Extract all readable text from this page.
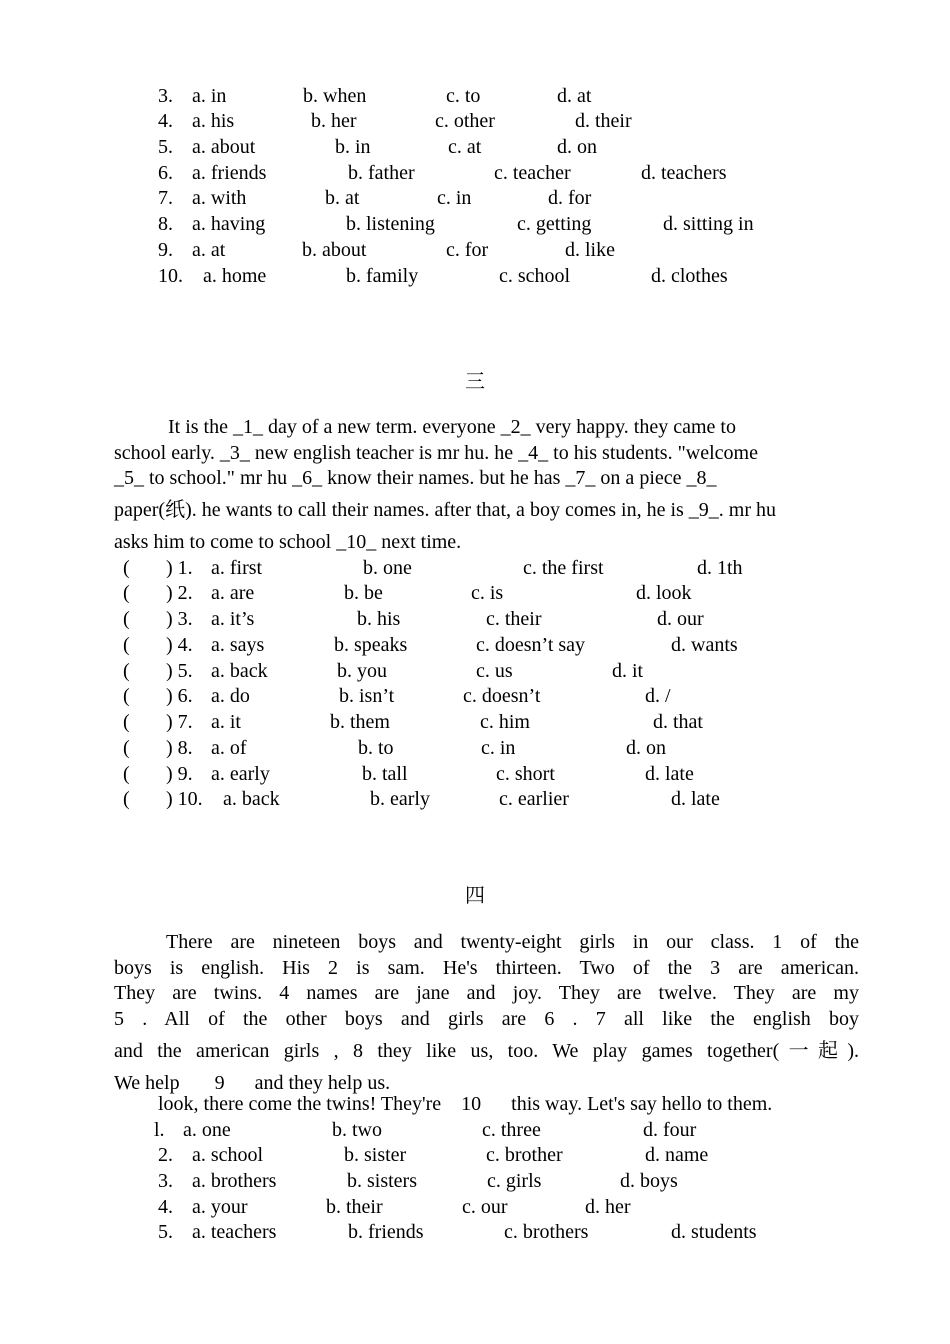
3. a. in	b. when	c. to	d. at
4. a. his	b. her	c. other	d. their
5. a. about	b. in	c. at	d. on
6. a. friends	b. father	c. teacher	d. teachers
7. a. with	b. at	c. in	d. for
8. a. having	b. listening	c. getting	d. sitting in
9. a. at	b. about	c. for	d. like
10. a. home	b. family	c. school	d. clothes
三
It is the _1_ day of a new term. everyone _2_ very happy. they came to
school early. _3_ new english teacher is mr hu. he _4_ to his students. "welcome
_5_ to school." mr hu _6_ know their names. but he has _7_ on a piece _8_
paper(纸). he wants to call their names. after that, a boy comes in, he is _9_. mr hu
asks him to come to school _10_ next time.
( ) 1. a. first	b. one	c. the first	d. 1th
( ) 2. a. are	b. be	c. is	d. look
( ) 3. a. it’s	b. his	c. their	d. our
( ) 4. a. says	b. speaks	c. doesn’t say	d. wants
( ) 5. a. back	b. you	c. us	d. it
( ) 6. a. do	b. isn’t	c. doesn’t	d. /
( ) 7. a. it	b. them	c. him	d. that
( ) 8. a. of	b. to	c. in	d. on
( ) 9. a. early	b. tall	c. short	d. late
( ) 10. a. back	b. early	c. earlier	d. late
四
There are nineteen boys and twenty-eight girls in our class. 1 of the
boys is english. His 2 is sam. He's thirteen. Two of the 3 are american.
They are twins. 4 names are jane and joy. They are twelve. They are my
5 . All of the other boys and girls are 6 . 7 all like the english boy
and the american girls , 8 they like us, too. We play games together(一起).
We help       9      and they help us.
look, there come the twins! They're    10      this way. Let's say hello to them.
l. a. one	b. two	c. three	d. four
2. a. school	b. sister	c. brother	d. name
3. a. brothers	b. sisters	c. girls	d. boys
4. a. your	b. their	c. our	d. her
5. a. teachers	b. friends	c. brothers	d. students
